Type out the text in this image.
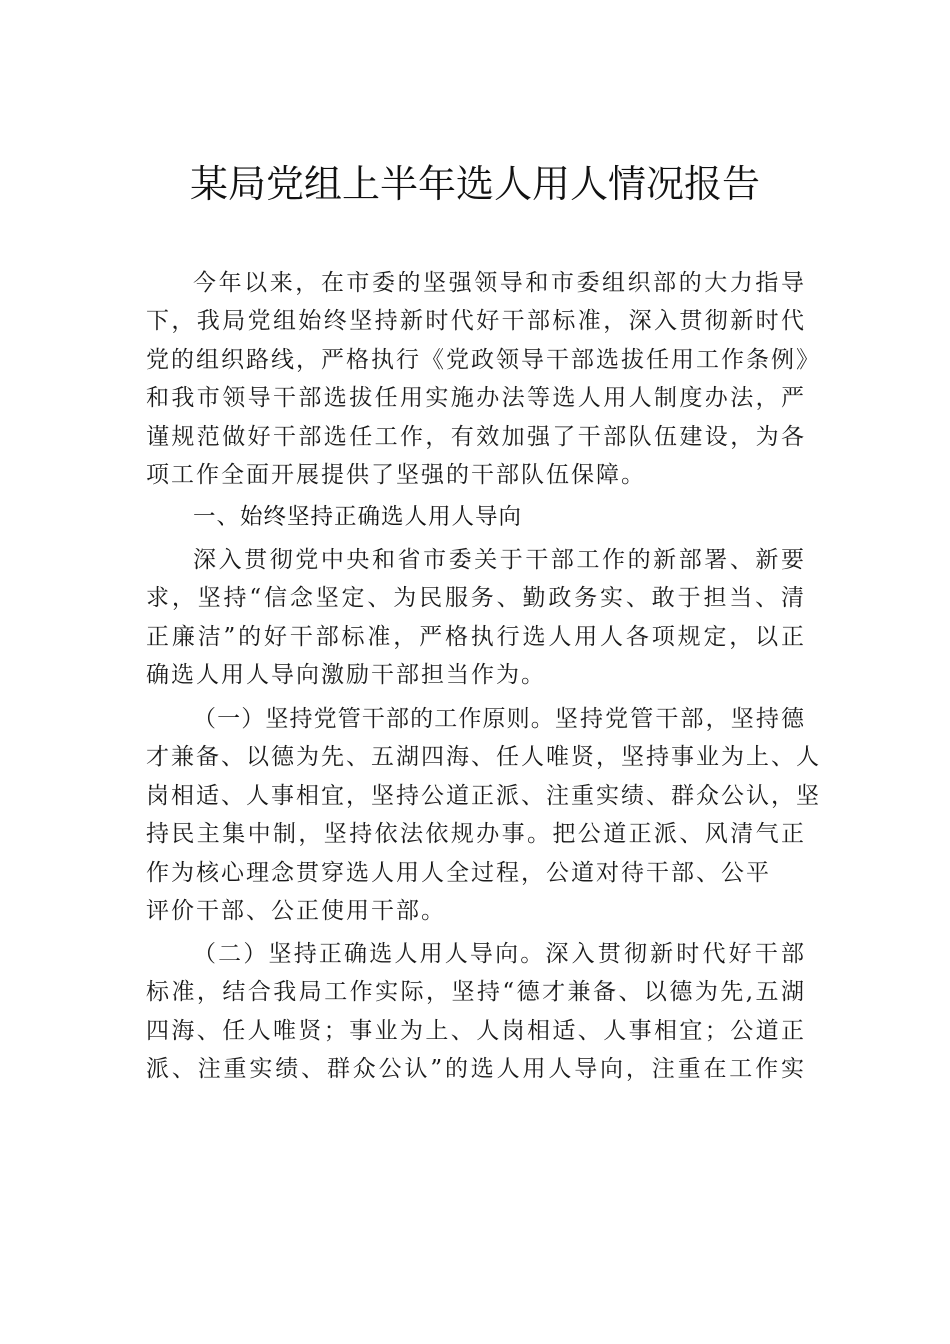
某局党组上半年选人用人情况报告
今年以来，在市委的坚强领导和市委组织部的大力指导
下，我局党组始终坚持新时代好干部标准，深入贯彻新时代
党的组织路线，严格执行《党政领导干部选拔任用工作条例》
和我市领导干部选拔任用实施办法等选人用人制度办法，严
谨规范做好干部选任工作，有效加强了干部队伍建设，为各
项工作全面开展提供了坚强的干部队伍保障。
一、始终坚持正确选人用人导向
深入贯彻党中央和省市委关于干部工作的新部署、新要
求，坚持“信念坚定、为民服务、勤政务实、敢于担当、清
正廉洁”的好干部标准，严格执行选人用人各项规定，以正
确选人用人导向激励干部担当作为。
（一）坚持党管干部的工作原则。坚持党管干部，坚持德
才兼备、以德为先、五湖四海、任人唯贤，坚持事业为上、人
岗相适、人事相宜，坚持公道正派、注重实绩、群众公认，坚
持民主集中制，坚持依法依规办事。把公道正派、风清气正
作为核心理念贯穿选人用人全过程，公道对待干部、公平
评价干部、公正使用干部。
（二）坚持正确选人用人导向。深入贯彻新时代好干部
标准，结合我局工作实际，坚持“德才兼备、以德为先,五湖
四海、任人唯贤；事业为上、人岗相适、人事相宜；公道正
派、注重实绩、群众公认”的选人用人导向，注重在工作实
